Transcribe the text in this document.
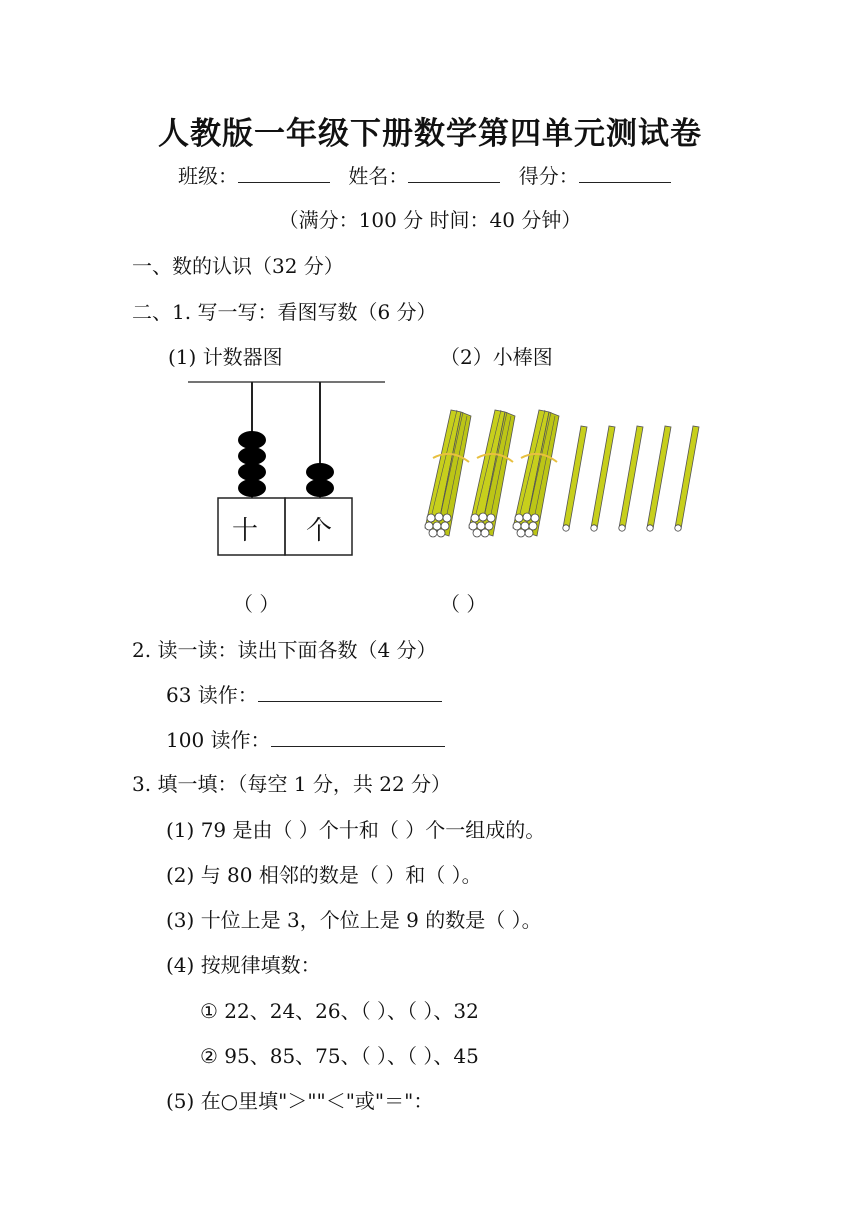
人教版一年级下册数学第四单元测试卷
班级：	姓名：	得分：
（满分：100 分 时间：40 分钟）
一、数的认识（32 分）
二、1. 写一写：看图写数（6 分）
(1) 计数器图	（2）小棒图
十 个
（ ）	（ ）
2. 读一读：读出下面各数（4 分）
63 读作：
100 读作：
3. 填一填：（每空 1 分，共 22 分）
(1) 79 是由（ ）个十和（ ）个一组成的。
(2) 与 80 相邻的数是（ ）和（ ）。
(3) 十位上是 3，个位上是 9 的数是（ ）。
(4) 按规律填数：
① 22、24、26、（ ）、（ ）、32
② 95、85、75、（ ）、（ ）、45
(5) 在○里填"＞""＜"或"＝"：
